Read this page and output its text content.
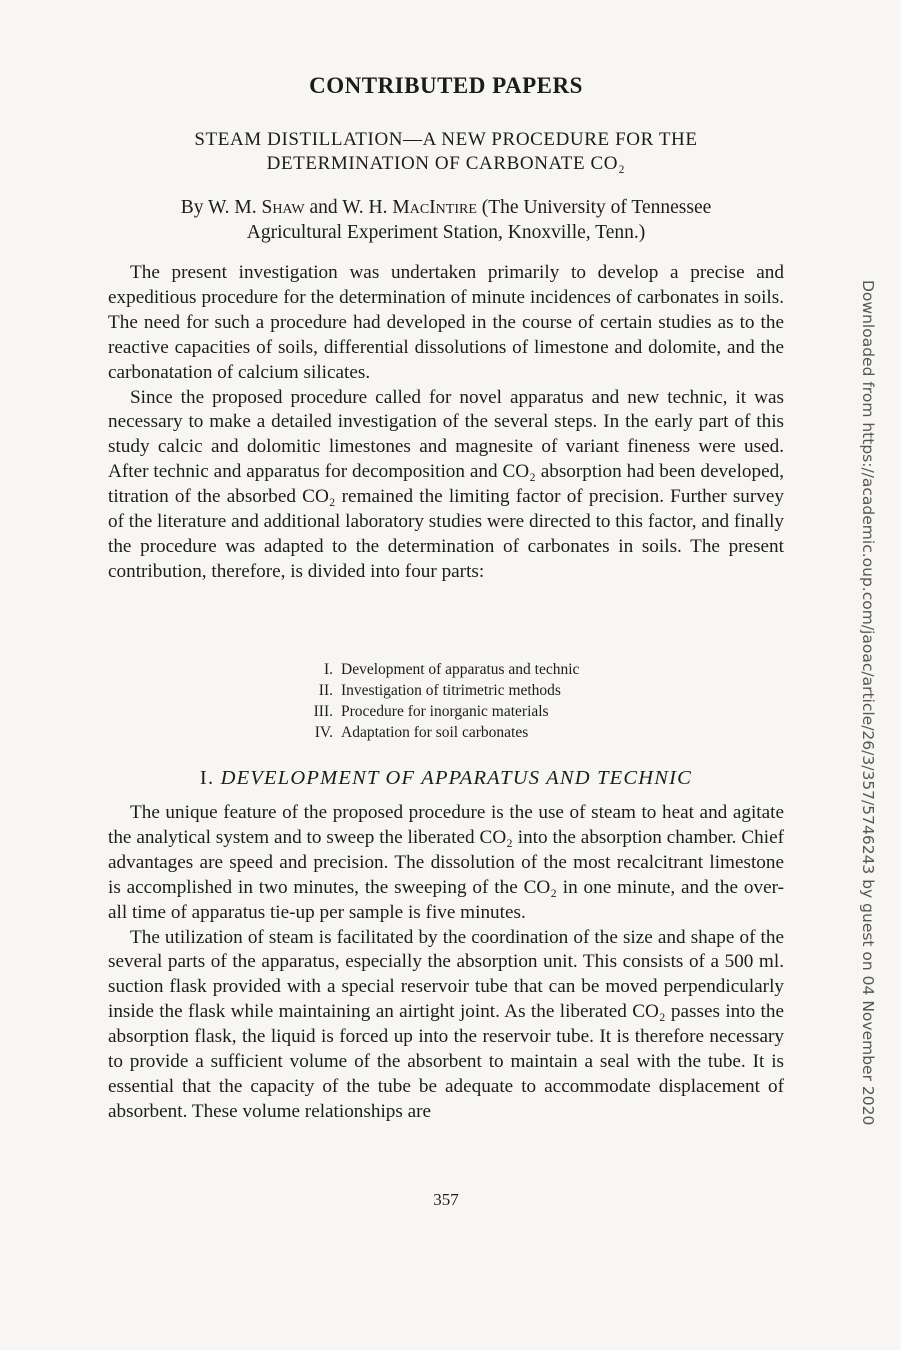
CONTRIBUTED PAPERS
STEAM DISTILLATION—A NEW PROCEDURE FOR THE
DETERMINATION OF CARBONATE CO₂
By W. M. Shaw and W. H. MacIntire (The University of Tennessee
Agricultural Experiment Station, Knoxville, Tenn.)

The present investigation was undertaken primarily to develop a precise and expeditious procedure for the determination of minute incidences of carbonates in soils. The need for such a procedure had developed in the course of certain studies as to the reactive capacities of soils, differential dissolutions of limestone and dolomite, and the carbonatation of calcium silicates.

Since the proposed procedure called for novel apparatus and new technic, it was necessary to make a detailed investigation of the several steps. In the early part of this study calcic and dolomitic limestones and magnesite of variant fineness were used. After technic and apparatus for decomposition and CO₂ absorption had been developed, titration of the absorbed CO₂ remained the limiting factor of precision. Further survey of the literature and additional laboratory studies were directed to this factor, and finally the procedure was adapted to the determination of carbonates in soils. The present contribution, therefore, is divided into four parts:

I. Development of apparatus and technic
II. Investigation of titrimetric methods
III. Procedure for inorganic materials
IV. Adaptation for soil carbonates
I. DEVELOPMENT OF APPARATUS AND TECHNIC

The unique feature of the proposed procedure is the use of steam to heat and agitate the analytical system and to sweep the liberated CO₂ into the absorption chamber. Chief advantages are speed and precision. The dissolution of the most recalcitrant limestone is accomplished in two minutes, the sweeping of the CO₂ in one minute, and the over-all time of apparatus tie-up per sample is five minutes.

The utilization of steam is facilitated by the coordination of the size and shape of the several parts of the apparatus, especially the absorption unit. This consists of a 500 ml. suction flask provided with a special reservoir tube that can be moved perpendicularly inside the flask while maintaining an airtight joint. As the liberated CO₂ passes into the absorption flask, the liquid is forced up into the reservoir tube. It is therefore necessary to provide a sufficient volume of the absorbent to maintain a seal with the tube. It is essential that the capacity of the tube be adequate to accommodate displacement of absorbent. These volume relationships are

357
Downloaded from https://academic.oup.com/jaoac/article/26/3/357/5746243 by guest on 04 November 2020
